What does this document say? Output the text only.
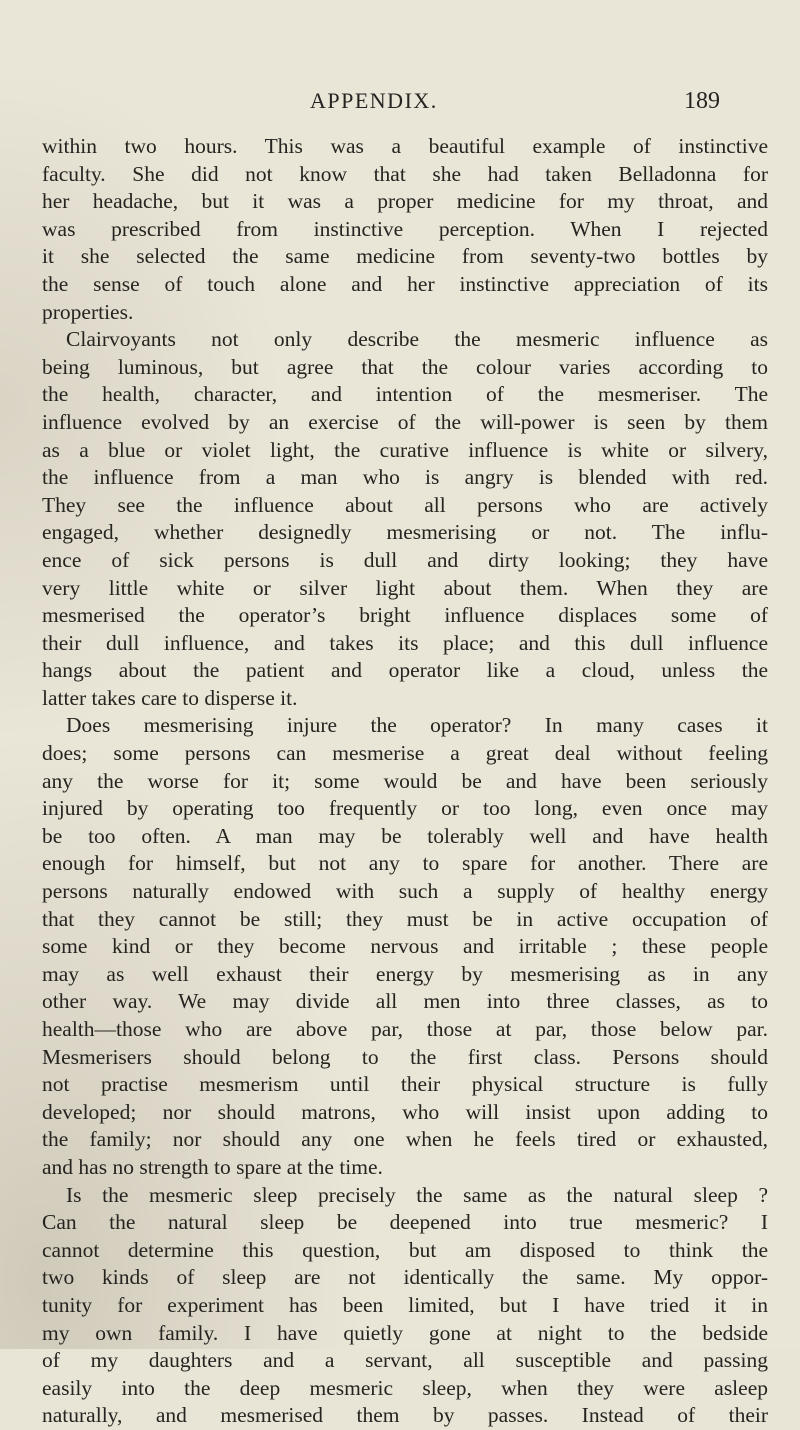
APPENDIX.	189

within two hours. This was a beautiful example of instinctive
faculty. She did not know that she had taken Belladonna for
her headache, but it was a proper medicine for my throat, and
was prescribed from instinctive perception. When I rejected
it she selected the same medicine from seventy-two bottles by
the sense of touch alone and her instinctive appreciation of its
properties.

Clairvoyants not only describe the mesmeric influence as
being luminous, but agree that the colour varies according to
the health, character, and intention of the mesmeriser. The
influence evolved by an exercise of the will-power is seen by them
as a blue or violet light, the curative influence is white or silvery,
the influence from a man who is angry is blended with red.
They see the influence about all persons who are actively
engaged, whether designedly mesmerising or not. The influ-
ence of sick persons is dull and dirty looking; they have
very little white or silver light about them. When they are
mesmerised the operator’s bright influence displaces some of
their dull influence, and takes its place; and this dull influence
hangs about the patient and operator like a cloud, unless the
latter takes care to disperse it.

Does mesmerising injure the operator? In many cases it
does; some persons can mesmerise a great deal without feeling
any the worse for it; some would be and have been seriously
injured by operating too frequently or too long, even once may
be too often. A man may be tolerably well and have health
enough for himself, but not any to spare for another. There are
persons naturally endowed with such a supply of healthy energy
that they cannot be still; they must be in active occupation of
some kind or they become nervous and irritable ; these people
may as well exhaust their energy by mesmerising as in any
other way. We may divide all men into three classes, as to
health—those who are above par, those at par, those below par.
Mesmerisers should belong to the first class. Persons should
not practise mesmerism until their physical structure is fully
developed; nor should matrons, who will insist upon adding to
the family; nor should any one when he feels tired or exhausted,
and has no strength to spare at the time.

Is the mesmeric sleep precisely the same as the natural sleep ?
Can the natural sleep be deepened into true mesmeric? I
cannot determine this question, but am disposed to think the
two kinds of sleep are not identically the same. My oppor-
tunity for experiment has been limited, but I have tried it in
my own family. I have quietly gone at night to the bedside
of my daughters and a servant, all susceptible and passing
easily into the deep mesmeric sleep, when they were asleep
naturally, and mesmerised them by passes. Instead of their
